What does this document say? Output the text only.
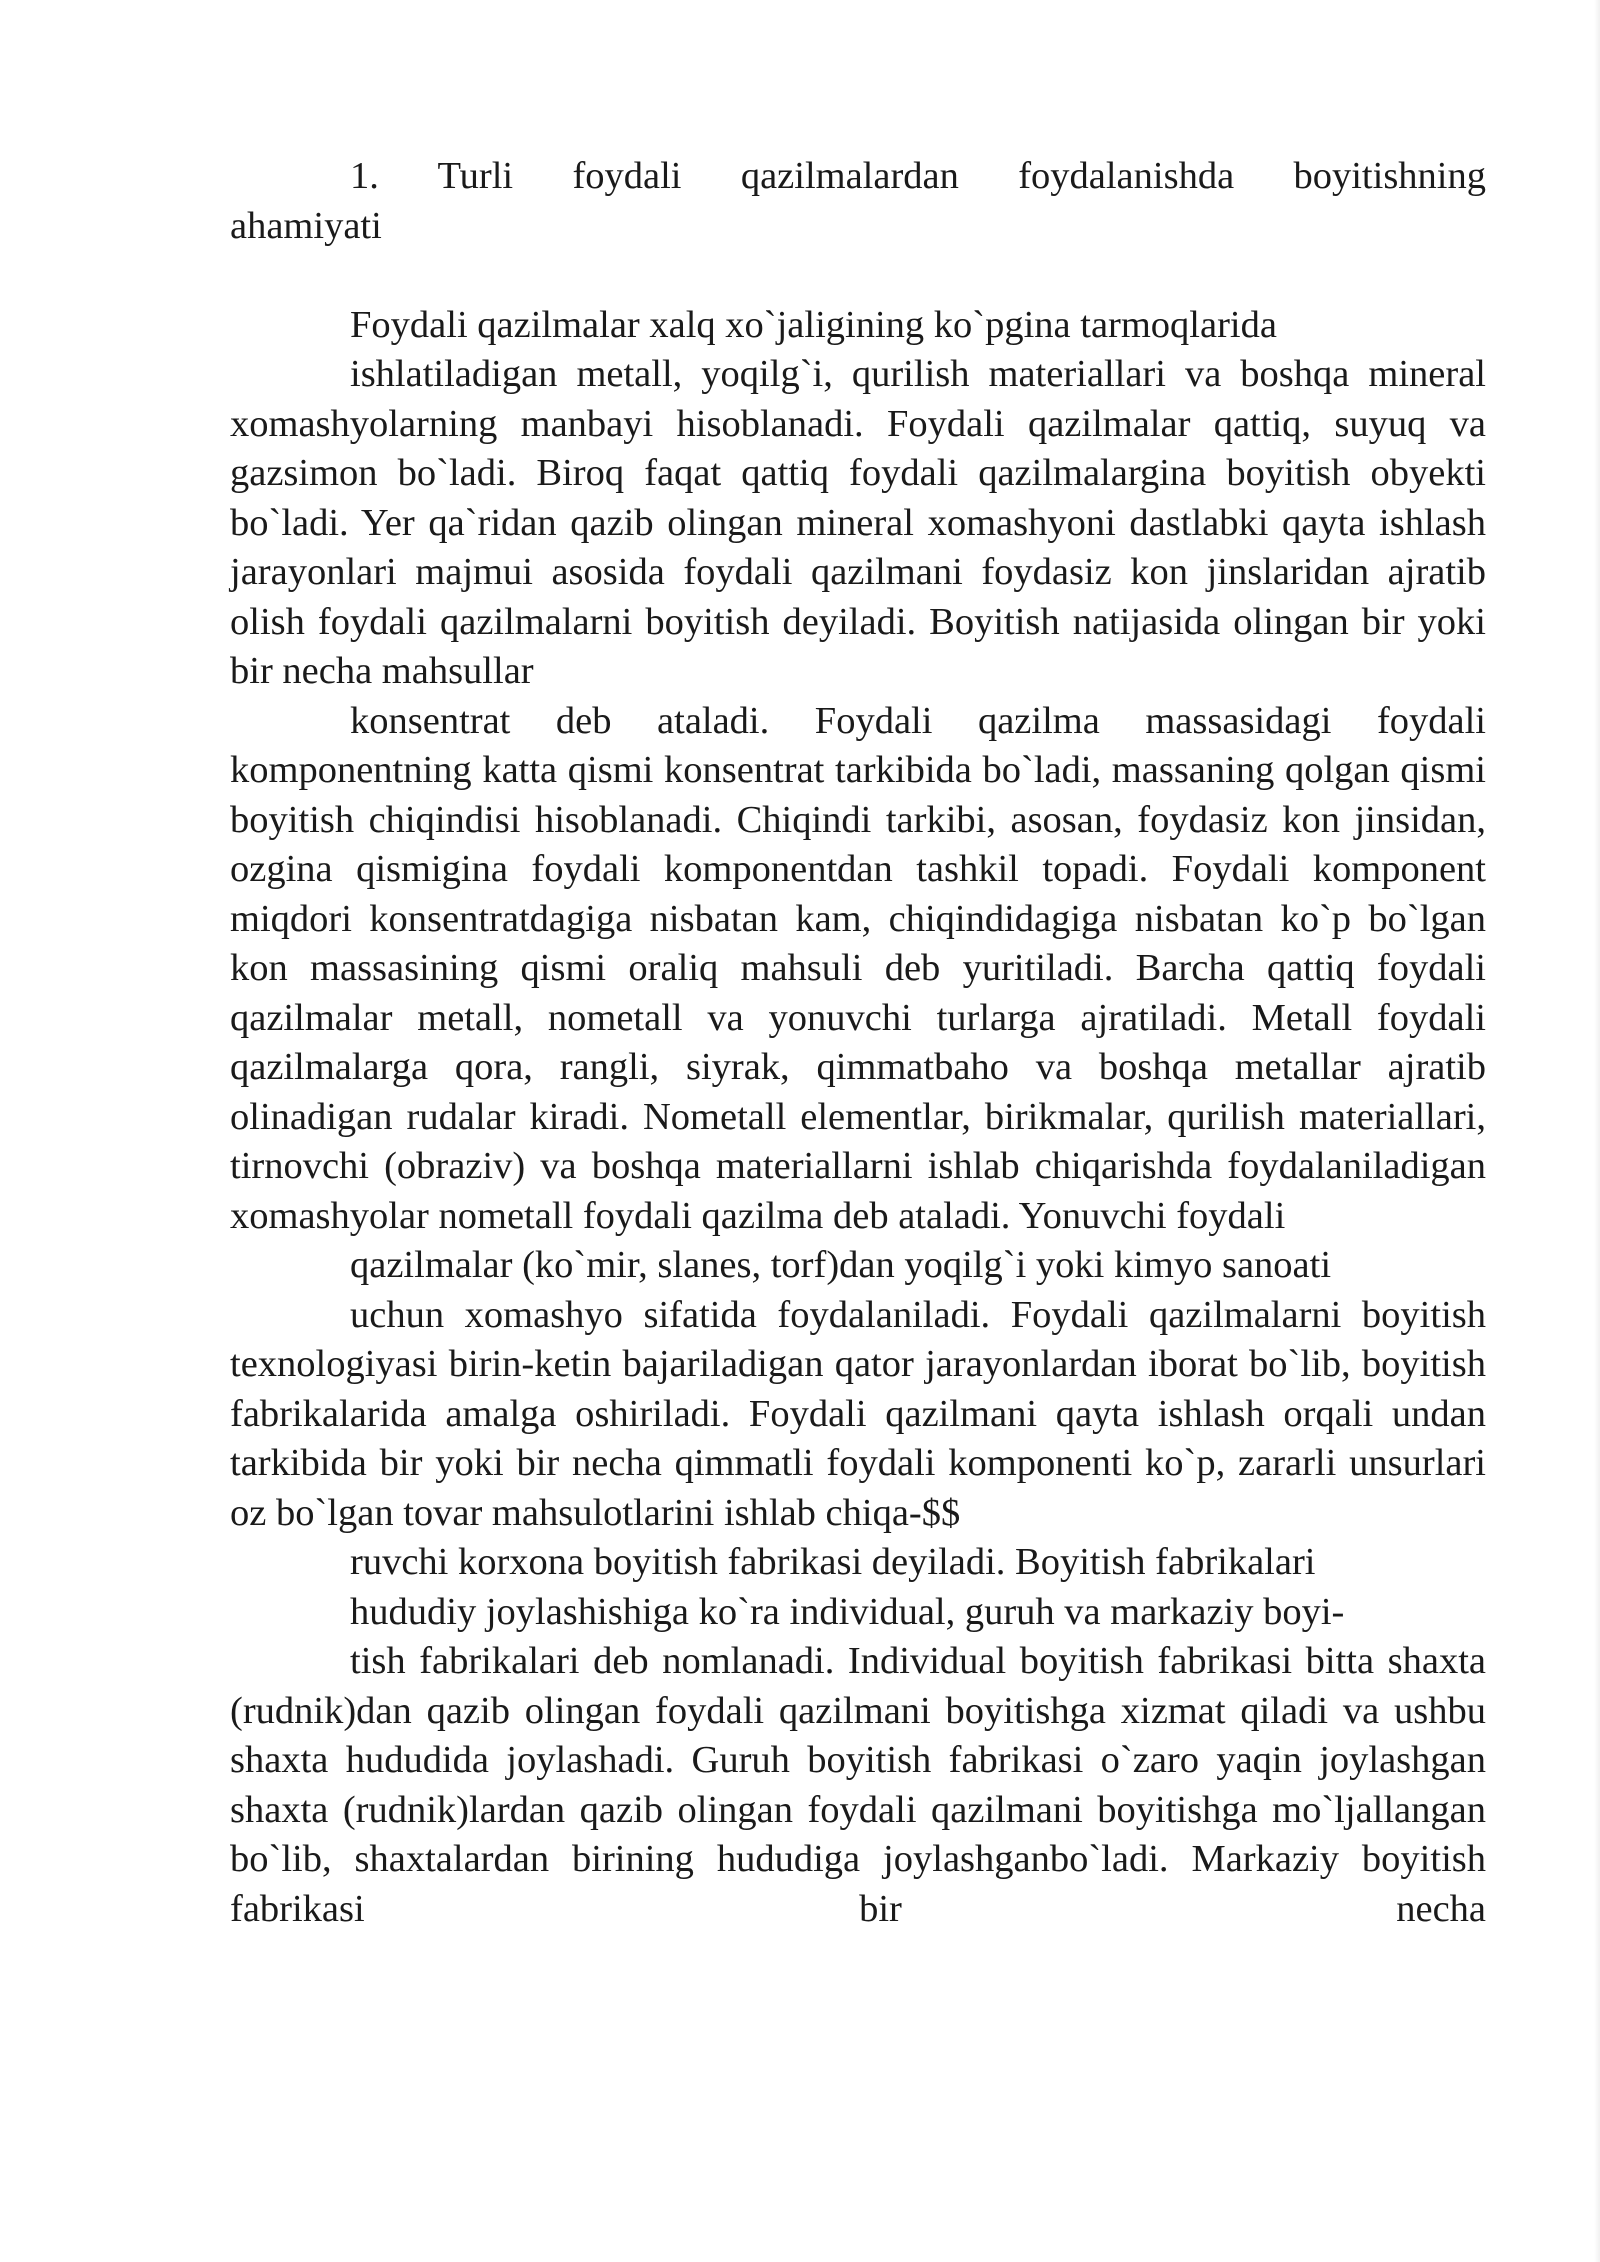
1. Turli foydali qazilmalardan foydalanishda boyitishning
ahamiyati
Foydali qazilmalar xalq xo`jaligining ko`pgina tarmoqlarida
ishlatiladigan metall, yoqilg`i, qurilish materiallari va boshqa mineral xomashyolarning manbayi hisoblanadi. Foydali qazilmalar qattiq, suyuq va gazsimon bo`ladi. Biroq faqat qattiq foydali qazilmalargina boyitish obyekti bo`ladi. Yer qa`ridan qazib olingan mineral xomashyoni dastlabki qayta ishlash jarayonlari majmui asosida foydali qazilmani foydasiz kon jinslaridan ajratib olish foydali qazilmalarni boyitish deyiladi. Boyitish natijasida olingan bir yoki bir necha mahsullar
konsentrat deb ataladi. Foydali qazilma massasidagi foydali komponentning katta qismi konsentrat tarkibida bo`ladi, massaning qolgan qismi boyitish chiqindisi hisoblanadi. Chiqindi tarkibi, asosan, foydasiz kon jinsidan, ozgina qismigina foydali komponentdan tashkil topadi. Foydali komponent miqdori konsentratdagiga nisbatan kam, chiqindidagiga nisbatan ko`p bo`lgan kon massasining qismi oraliq mahsuli deb yuritiladi. Barcha qattiq foydali qazilmalar metall, nometall va yonuvchi turlarga ajratiladi. Metall foydali qazilmalarga qora, rangli, siyrak, qimmatbaho va boshqa metallar ajratib olinadigan rudalar kiradi. Nometall elementlar, birikmalar, qurilish materiallari, tirnovchi (obraziv) va boshqa materiallarni ishlab chiqarishda foydalaniladigan xomashyolar nometall foydali qazilma deb ataladi. Yonuvchi foydali
qazilmalar (ko`mir, slanes, torf)dan yoqilg`i yoki kimyo sanoati
uchun xomashyo sifatida foydalaniladi. Foydali qazilmalarni boyitish texnologiyasi birin-ketin bajariladigan qator jarayonlardan iborat bo`lib, boyitish fabrikalarida amalga oshiriladi. Foydali qazilmani qayta ishlash orqali undan tarkibida bir yoki bir necha qimmatli foydali komponenti ko`p, zararli unsurlari oz bo`lgan tovar mahsulotlarini ishlab chiqa-$$
ruvchi korxona boyitish fabrikasi deyiladi. Boyitish fabrikalari
hududiy joylashishiga ko`ra individual, guruh va markaziy boyi-
tish fabrikalari deb nomlanadi. Individual boyitish fabrikasi bitta shaxta (rudnik)dan qazib olingan foydali qazilmani boyitishga xizmat qiladi va ushbu shaxta hududida joylashadi. Guruh boyitish fabrikasi o`zaro yaqin joylashgan shaxta (rudnik)lardan qazib olingan foydali qazilmani boyitishga mo`ljallangan bo`lib, shaxtalardan birining hududiga joylashganbo`ladi. Markaziy boyitish fabrikasi bir necha
